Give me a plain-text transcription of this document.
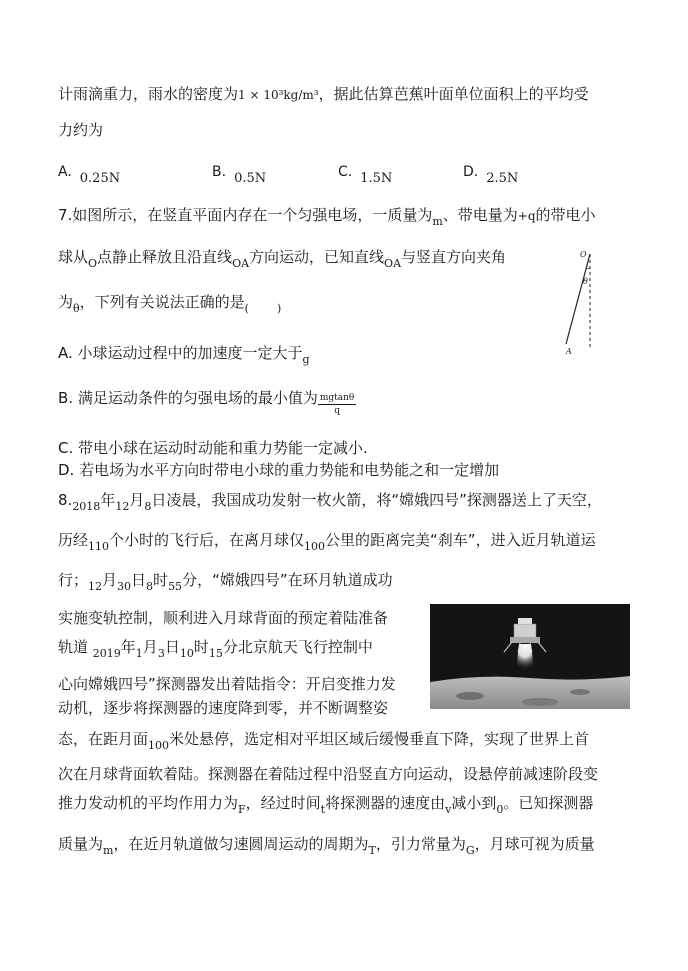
计雨滴重力，雨水的密度为1 × 10³kg/m³，据此估算芭蕉叶面单位面积上的平均受
力约为
A. 0.25N	B. 0.5N	C. 1.5N	D. 2.5N
7.如图所示，在竖直平面内存在一个匀强电场，一质量为$_m$、带电量为+q的带电小
球从$_O$点静止释放且沿直线$_{OA}$方向运动，已知直线$_{OA}$与竖直方向夹角
为$_\theta$，下列有关说法正确的是$_($	$_)$
O
θ
A
A. 小球运动过程中的加速度一定大于$_g$
B. 满足运动条件的匀强电场的最小值为 $\frac{mgtan\theta}{q}$
C. 带电小球在运动时动能和重力势能一定减小.
D. 若电场为水平方向时带电小球的重力势能和电势能之和一定增加
$8._{2018}$年$_{12}$月$_8$日凌晨，我国成功发射一枚火箭，将“嫦娥四号”探测器送上了天空，
历经$_{110}$个小时的飞行后，在离月球仅$_{100}$公里的距离完美“刹车”，进入近月轨道运
行；$_{12}$月$_{30}$日$_8$时$_{55}$分，“嫦娥四号”在环月轨道成功
实施变轨控制，顺利进入月球背面的预定着陆准备
轨道 $_{2019}$年$_1$月$_3$日$_{10}$时$_{15}$分北京航天飞行控制中
心向嫦娥四号”探测器发出着陆指令：开启变推力发
动机，逐步将探测器的速度降到零，并不断调整姿
态，在距月面$_{100}$米处悬停，选定相对平坦区域后缓慢垂直下降，实现了世界上首
次在月球背面软着陆。探测器在着陆过程中沿竖直方向运动，设悬停前减速阶段变
推力发动机的平均作用力为$_F$，经过时间$_t$将探测器的速度由$_v$减小到$_0$。已知探测器
质量为$_m$，在近月轨道做匀速圆周运动的周期为$_T$，引力常量为$_G$，月球可视为质量
